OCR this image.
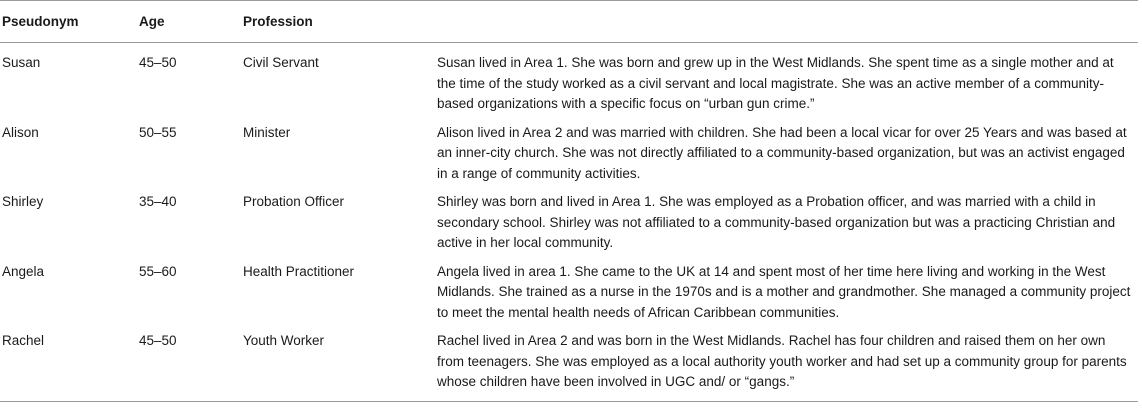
Pseudonym	Age	Profession	
Susan	45–50	Civil Servant	Susan lived in Area 1. She was born and grew up in the West Midlands. She spent time as a single mother and at the time of the study worked as a civil servant and local magistrate. She was an active member of a community-based organizations with a specific focus on “urban gun crime.”
Alison	50–55	Minister	Alison lived in Area 2 and was married with children. She had been a local vicar for over 25 Years and was based at an inner-city church. She was not directly affiliated to a community-based organization, but was an activist engaged in a range of community activities.
Shirley	35–40	Probation Officer	Shirley was born and lived in Area 1. She was employed as a Probation officer, and was married with a child in secondary school. Shirley was not affiliated to a community-based organization but was a practicing Christian and active in her local community.
Angela	55–60	Health Practitioner	Angela lived in area 1. She came to the UK at 14 and spent most of her time here living and working in the West Midlands. She trained as a nurse in the 1970s and is a mother and grandmother. She managed a community project to meet the mental health needs of African Caribbean communities.
Rachel	45–50	Youth Worker	Rachel lived in Area 2 and was born in the West Midlands. Rachel has four children and raised them on her own from teenagers. She was employed as a local authority youth worker and had set up a community group for parents whose children have been involved in UGC and/ or “gangs.”
